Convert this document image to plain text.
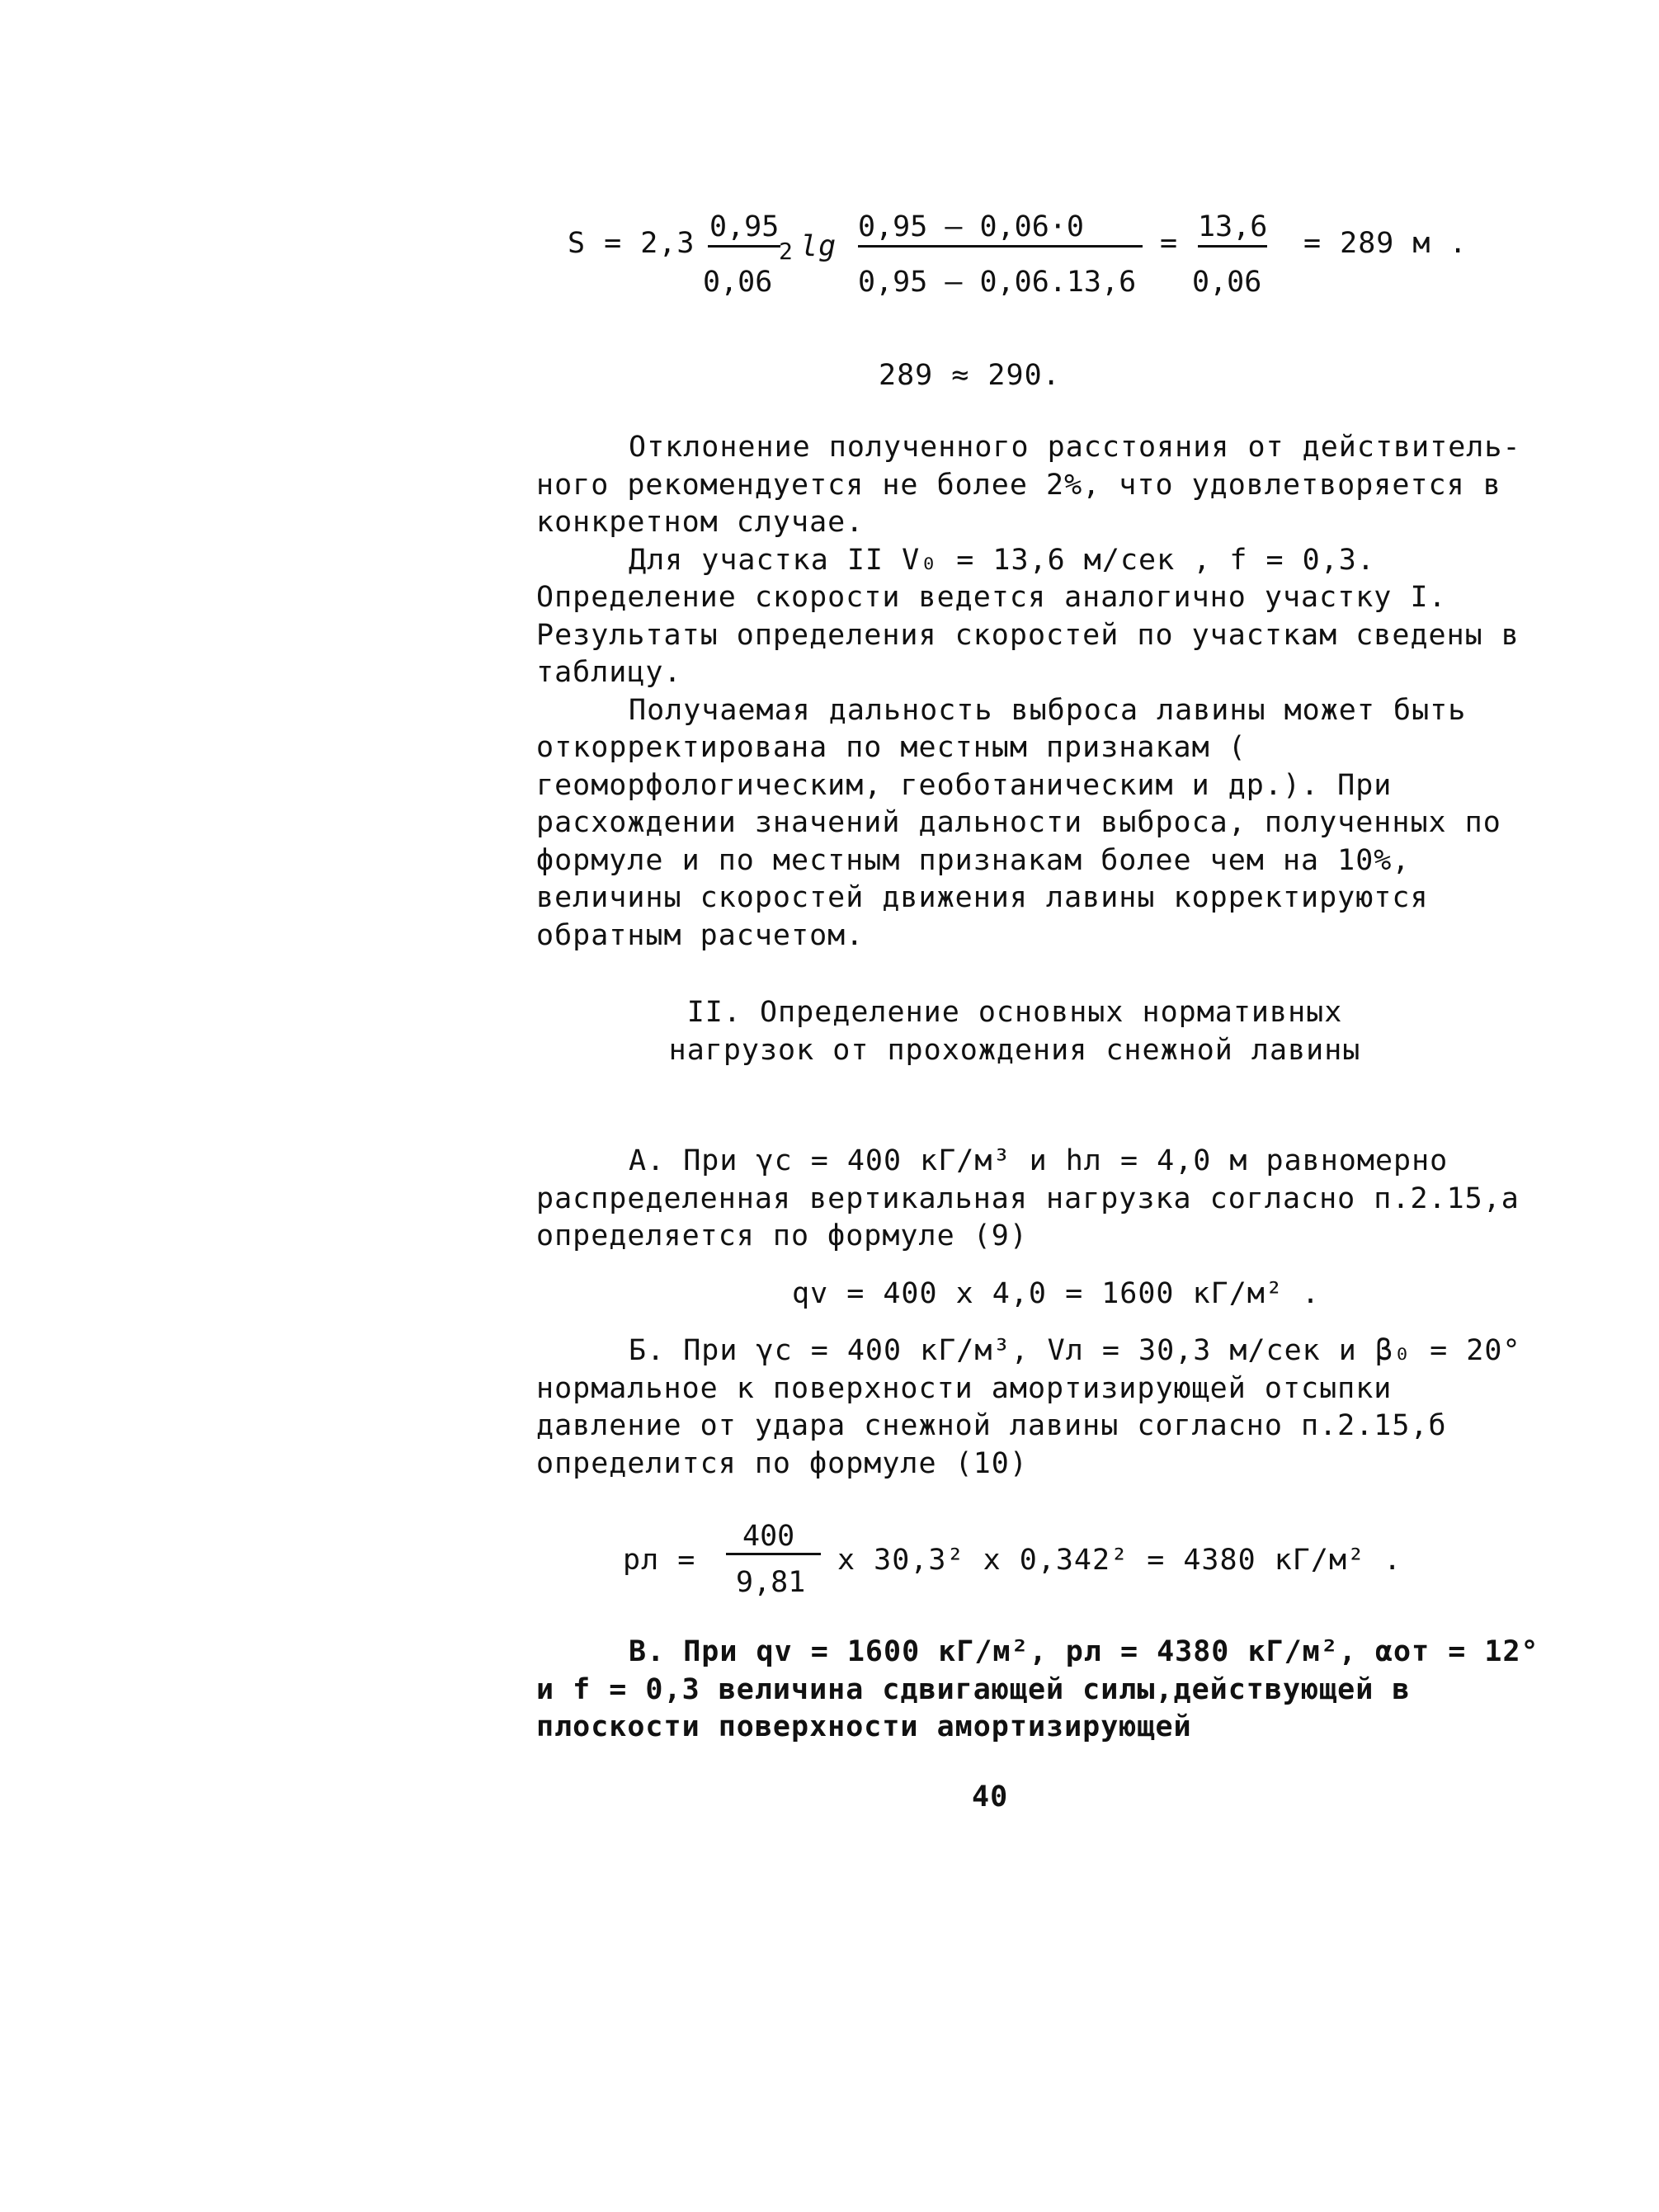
S = 2,3 0,95
0,06
2 lg
0,95 – 0,06·0
0,95 – 0,06.13,6
= 13,6
0,06
= 289 м .
289 ≈ 290.

Отклонение полученного расстояния от действитель-ного рекомендуется не более 2%, что удовлетворяется в конкретном случае.

Для участка II V₀ = 13,6 м/сек , f = 0,3. Определение скорости ведется аналогично участку I. Результаты определения скоростей по участкам сведены в таблицу.

Получаемая дальность выброса лавины может быть откорректирована по местным признакам ( геоморфологическим, геоботаническим и др.). При расхождении значений дальности выброса, полученных по формуле и по местным признакам более чем на 10%, величины скоростей движения лавины корректируются обратным расчетом.

II. Определение основных нормативных нагрузок от прохождения снежной лавины

А. При γc = 400 кГ/м³ и hл = 4,0 м равномерно распределенная вертикальная нагрузка согласно п.2.15,а определяется по формуле (9)

qv = 400 х 4,0 = 1600 кГ/м² .

Б. При γc = 400 кГ/м³, Vл = 30,3 м/сек и β₀ = 20° нормальное к поверхности амортизирующей отсыпки давление от удара снежной лавины согласно п.2.15,б определится по формуле (10)

pл =
400
9,81
х 30,3² х 0,342² = 4380 кГ/м² .

В. При qv = 1600 кГ/м², pл = 4380 кГ/м², αот = 12° и f = 0,3 величина сдвигающей силы,действующей в плоскости поверхности амортизирующей

40
